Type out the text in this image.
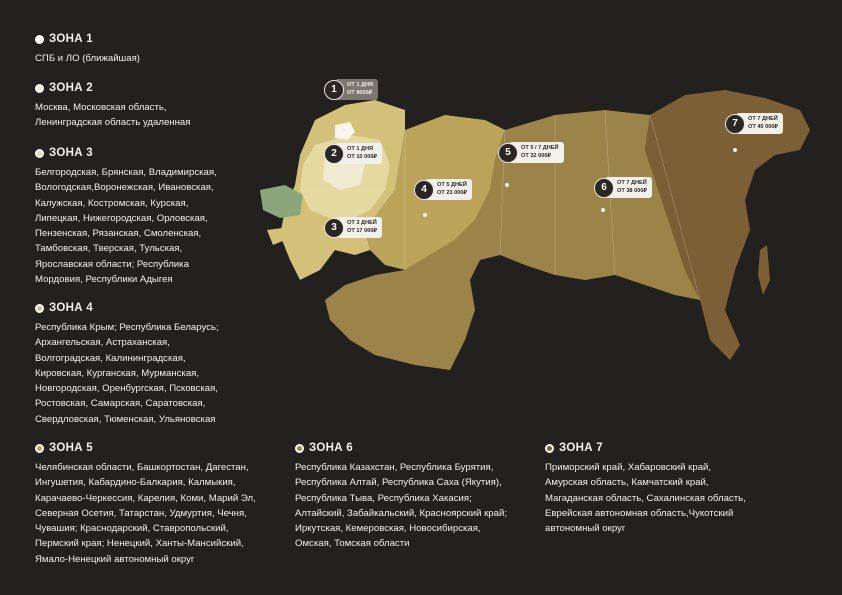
ЗОНА 1
СПБ и ЛО (ближайшая)
ЗОНА 2
Москва, Московская область,
Ленинградская область удаленная
ЗОНА 3
Белгородская, Брянская, Владимирская,
Вологодская,Воронежская, Ивановская,
Калужская, Костромская, Курская,
Липецкая, Нижегородская, Орловская,
Пензенская, Рязанская, Смоленская,
Тамбовская, Тверская, Тульская,
Ярославская области; Республика
Мордовия, Республики Адыгея
ЗОНА 4
Республика Крым; Республика Беларусь;
Архангельская, Астраханская,
Волгоградская, Калининградская,
Кировская, Курганская, Мурманская,
Новгородская, Оренбургская, Псковская,
Ростовская, Самарская, Саратовская,
Свердловская, Тюменская, Ульяновская
ЗОНА 5
Челябинская области, Башкортостан, Дагестан,
Ингушетия, Кабардино-Балкария, Калмыкия,
Карачаево-Черкессия, Карелия, Коми, Марий Эл,
Северная Осетия, Татарстан, Удмуртия, Чечня,
Чувашия; Краснодарский, Ставропольский,
Пермский края; Ненецкий, Ханты-Мансийский,
Ямало-Ненецкий автономный округ
ЗОНА 6
Республика Казахстан, Республика Бурятия,
Республика Алтай, Республика Саха (Якутия),
Республика Тыва, Республика Хакасия;
Алтайский, Забайкальский, Красноярский край;
Иркутская, Кемеровская, Новосибирская,
Омская, Томская области
ЗОНА 7
Приморский край, Хабаровский край,
Амурская область, Камчатский край,
Магаданская область, Сахалинская область,
Еврейская автономная область,Чукотский
автономный округ
1	ОТ 1 ДНЯ
ОТ 8000₽
2	ОТ 1 ДНЯ
ОТ 10 000₽
3	ОТ 3 ДНЕЙ
ОТ 17 000₽
4	ОТ 5 ДНЕЙ
ОТ 23 000₽
5	ОТ 5 / 7 ДНЕЙ
ОТ 32 000₽
6	ОТ 7 ДНЕЙ
ОТ 38 000₽
7	ОТ 7 ДНЕЙ
ОТ 45 000₽
